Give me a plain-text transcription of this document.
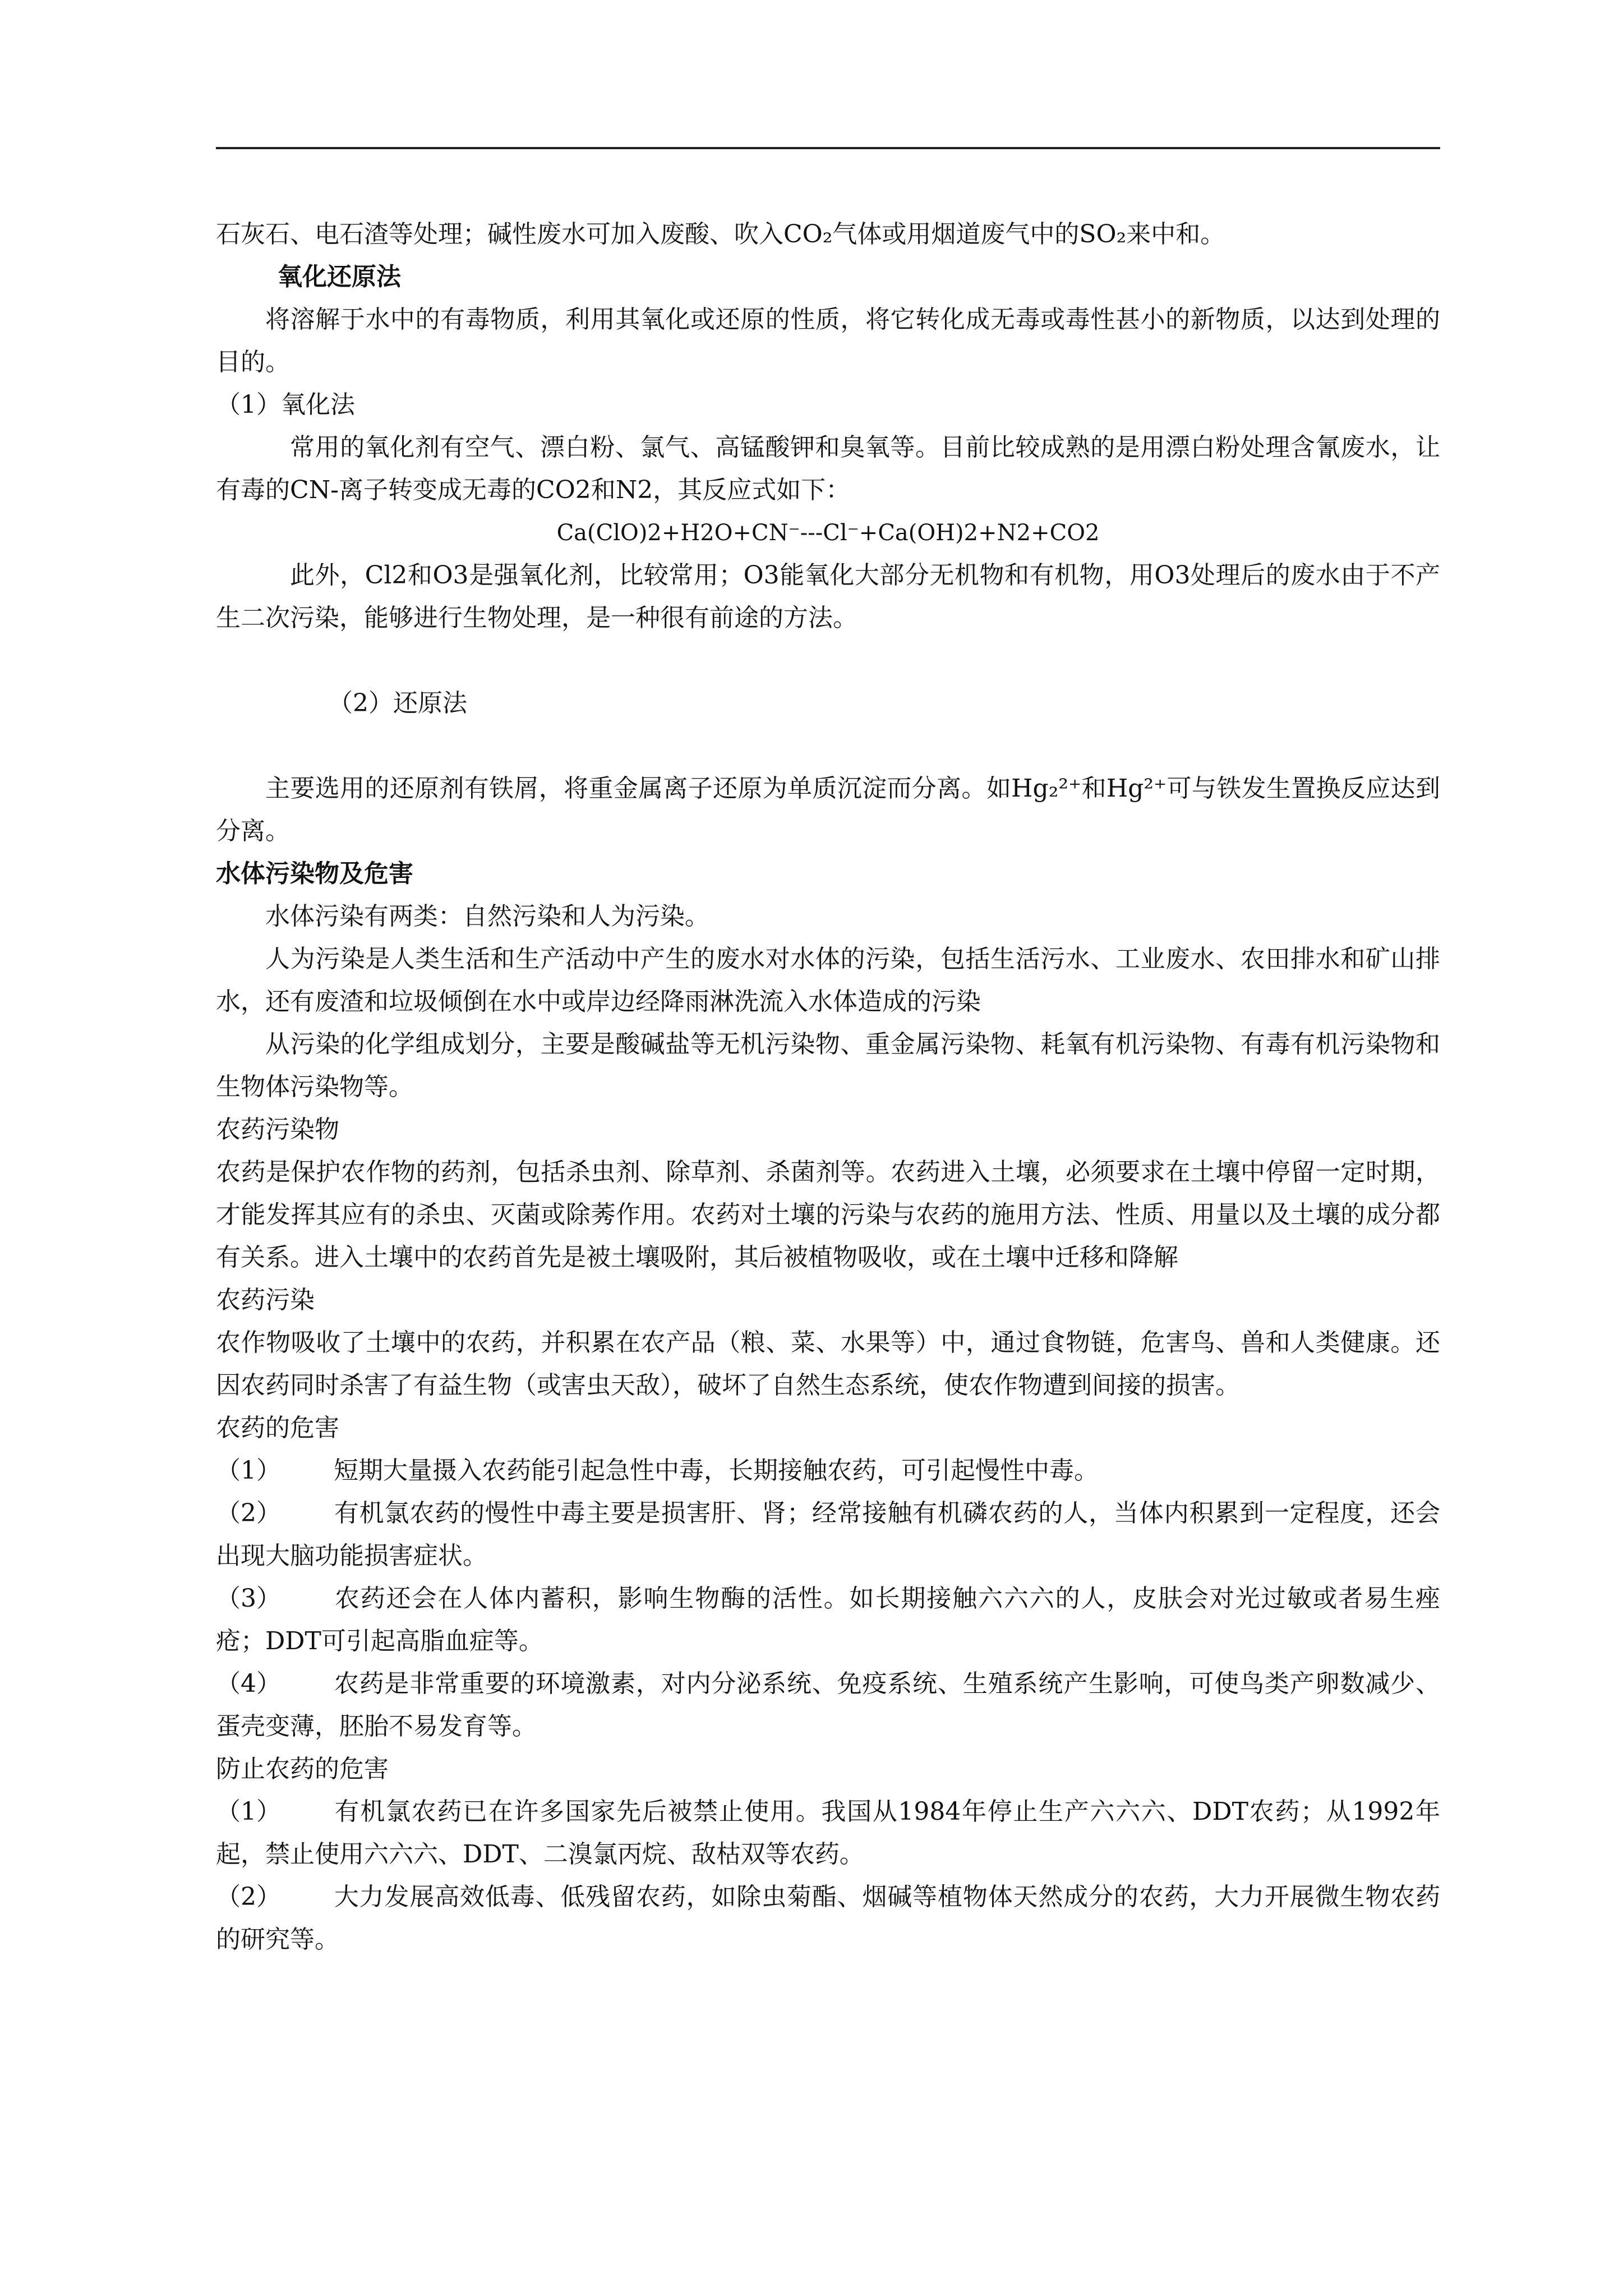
石灰石、电石渣等处理；碱性废水可加入废酸、吹入CO₂气体或用烟道废气中的SO₂来中和。

氧化还原法

将溶解于水中的有毒物质，利用其氧化或还原的性质，将它转化成无毒或毒性甚小的新物质，以达到处理的目的。

（1）氧化法

常用的氧化剂有空气、漂白粉、氯气、高锰酸钾和臭氧等。目前比较成熟的是用漂白粉处理含氰废水，让有毒的CN-离子转变成无毒的CO2和N2，其反应式如下：

Ca(ClO)2+H2O+CN⁻---Cl⁻+Ca(OH)2+N2+CO2

此外，Cl2和O3是强氧化剂，比较常用；O3能氧化大部分无机物和有机物，用O3处理后的废水由于不产生二次污染，能够进行生物处理，是一种很有前途的方法。

（2）还原法

主要选用的还原剂有铁屑，将重金属离子还原为单质沉淀而分离。如Hg₂²⁺和Hg²⁺可与铁发生置换反应达到分离。

水体污染物及危害

水体污染有两类：自然污染和人为污染。

人为污染是人类生活和生产活动中产生的废水对水体的污染，包括生活污水、工业废水、农田排水和矿山排水，还有废渣和垃圾倾倒在水中或岸边经降雨淋洗流入水体造成的污染

从污染的化学组成划分，主要是酸碱盐等无机污染物、重金属污染物、耗氧有机污染物、有毒有机污染物和生物体污染物等。

农药污染物

农药是保护农作物的药剂，包括杀虫剂、除草剂、杀菌剂等。农药进入土壤，必须要求在土壤中停留一定时期，才能发挥其应有的杀虫、灭菌或除莠作用。农药对土壤的污染与农药的施用方法、性质、用量以及土壤的成分都有关系。进入土壤中的农药首先是被土壤吸附，其后被植物吸收，或在土壤中迁移和降解

农药污染

农作物吸收了土壤中的农药，并积累在农产品（粮、菜、水果等）中，通过食物链，危害鸟、兽和人类健康。还因农药同时杀害了有益生物（或害虫天敌），破坏了自然生态系统，使农作物遭到间接的损害。

农药的危害

（1） 短期大量摄入农药能引起急性中毒，长期接触农药，可引起慢性中毒。

（2） 有机氯农药的慢性中毒主要是损害肝、肾；经常接触有机磷农药的人，当体内积累到一定程度，还会出现大脑功能损害症状。

（3） 农药还会在人体内蓄积，影响生物酶的活性。如长期接触六六六的人，皮肤会对光过敏或者易生痤疮；DDT可引起高脂血症等。

（4） 农药是非常重要的环境激素，对内分泌系统、免疫系统、生殖系统产生影响，可使鸟类产卵数减少、蛋壳变薄，胚胎不易发育等。

防止农药的危害

（1） 有机氯农药已在许多国家先后被禁止使用。我国从1984年停止生产六六六、DDT农药；从1992年起，禁止使用六六六、DDT、二溴氯丙烷、敌枯双等农药。

（2） 大力发展高效低毒、低残留农药，如除虫菊酯、烟碱等植物体天然成分的农药，大力开展微生物农药的研究等。
